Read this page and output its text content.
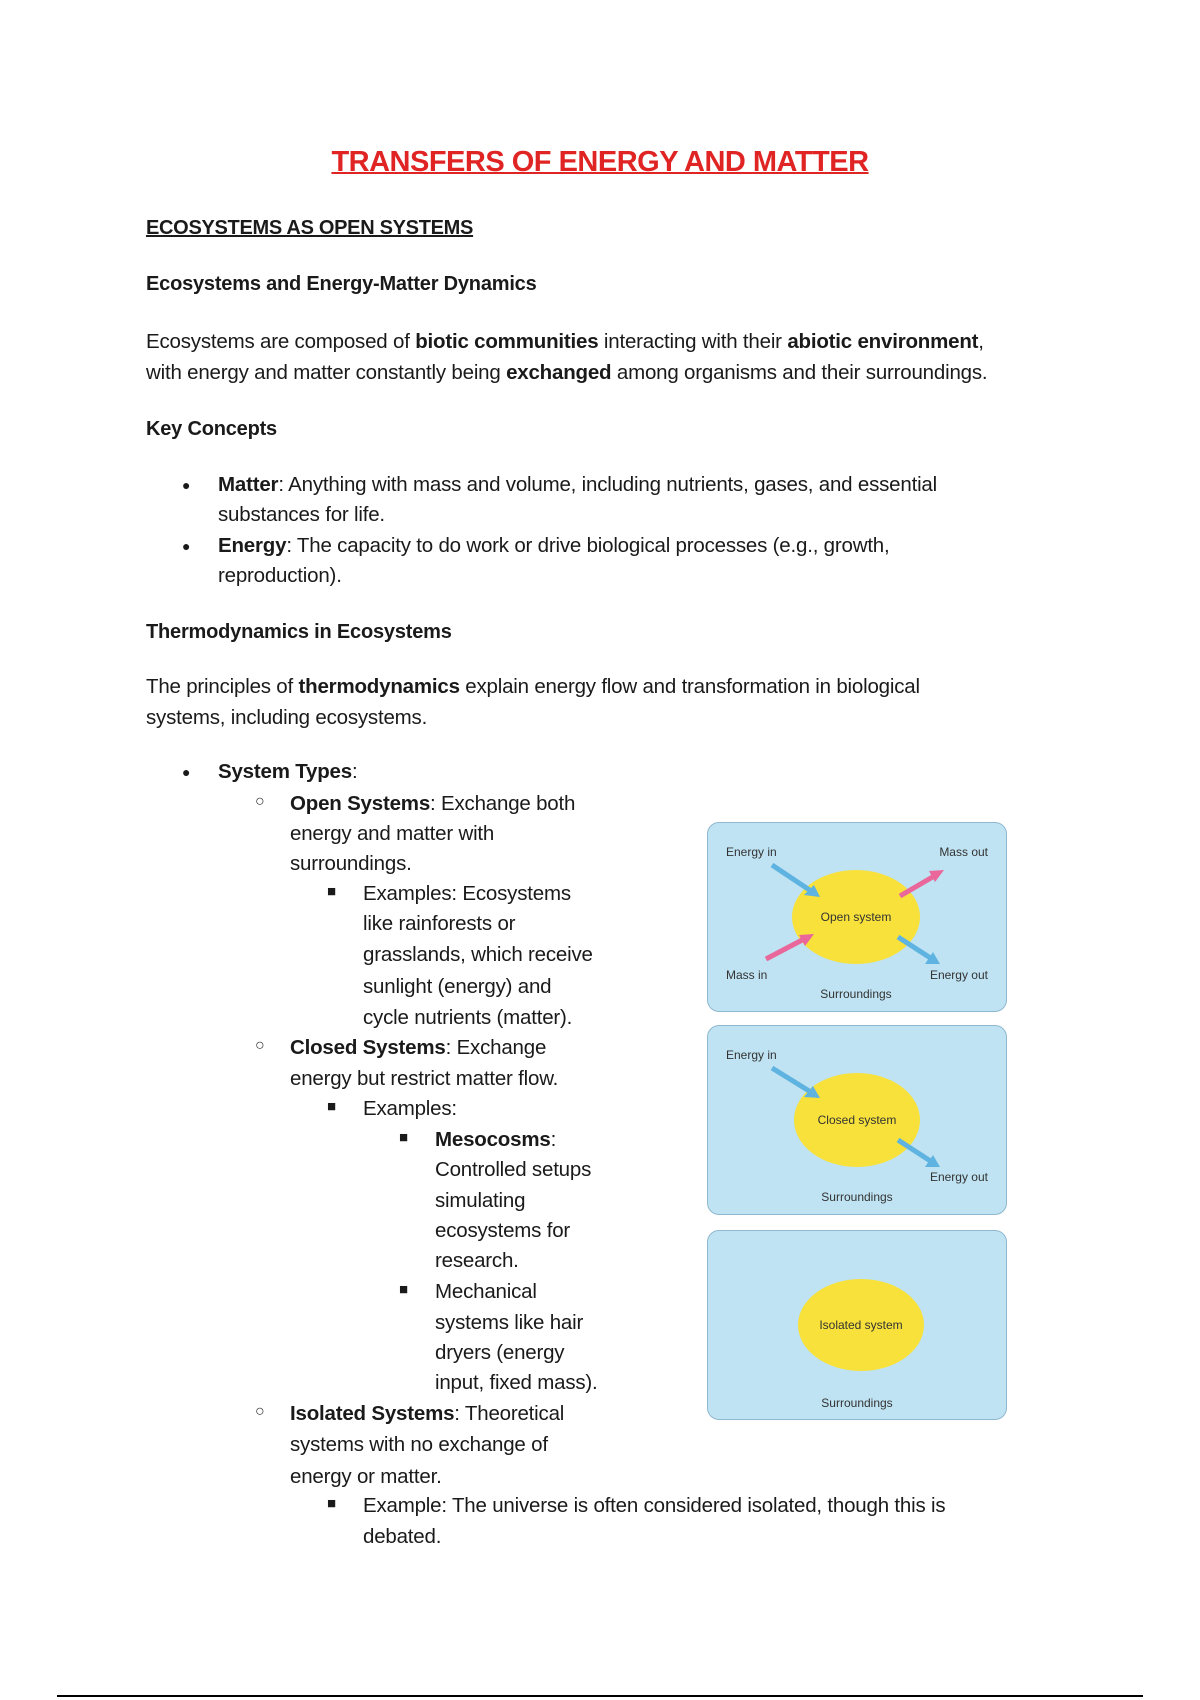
TRANSFERS OF ENERGY AND MATTER
ECOSYSTEMS AS OPEN SYSTEMS
Ecosystems and Energy-Matter Dynamics
Ecosystems are composed of biotic communities interacting with their abiotic environment,
with energy and matter constantly being exchanged among organisms and their surroundings.
Key Concepts
● Matter: Anything with mass and volume, including nutrients, gases, and essential
substances for life.
● Energy: The capacity to do work or drive biological processes (e.g., growth,
reproduction).
Thermodynamics in Ecosystems
The principles of thermodynamics explain energy flow and transformation in biological
systems, including ecosystems.
● System Types:
○ Open Systems: Exchange both
energy and matter with
surroundings.
■ Examples: Ecosystems
like rainforests or
grasslands, which receive
sunlight (energy) and
cycle nutrients (matter).
○ Closed Systems: Exchange
energy but restrict matter flow.
■ Examples:
■ Mesocosms:
Controlled setups
simulating
ecosystems for
research.
■ Mechanical
systems like hair
dryers (energy
input, fixed mass).
○ Isolated Systems: Theoretical
systems with no exchange of
energy or matter.
■ Example: The universe is often considered isolated, though this is
debated.
Energy in	Mass out
Open system
Mass in	Energy out
Surroundings
Energy in
Closed system
Energy out
Surroundings
Isolated system
Surroundings
